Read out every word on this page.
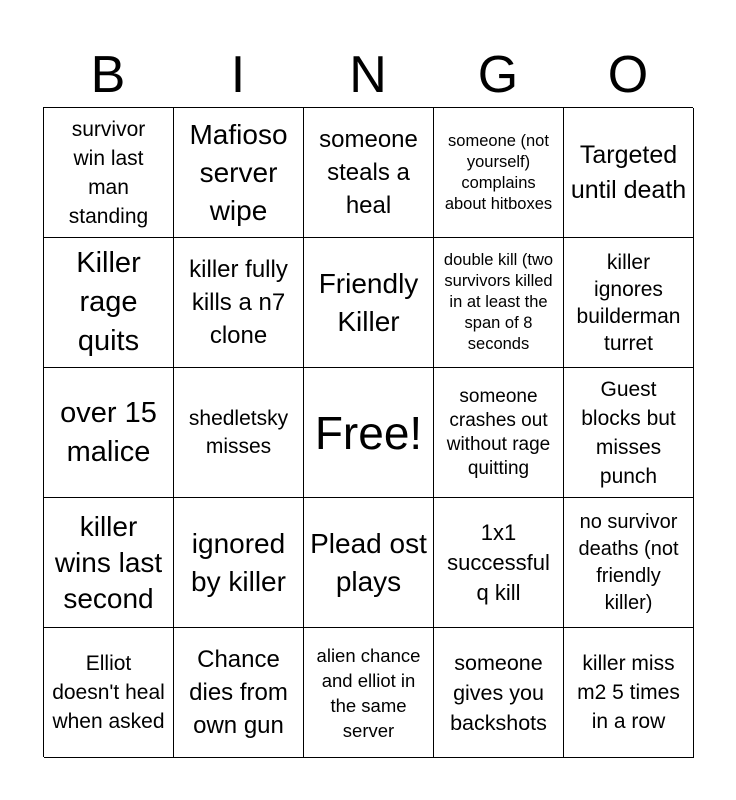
B	I	N	G	O
survivor win last man standing
Mafioso server wipe
someone steals a heal
someone (not yourself) complains about hitboxes
Targeted until death
Killer rage quits
killer fully kills a n7 clone
Friendly Killer
double kill (two survivors killed in at least the span of 8 seconds
killer ignores builderman turret
over 15 malice
shedletsky misses Free!
someone crashes out without rage quitting
Guest blocks but misses punch
killer wins last second
ignored by killer
Plead ost plays
1x1 successful q kill
no survivor deaths (not friendly killer)
Elliot doesn't heal when asked
Chance dies from own gun
alien chance and elliot in the same server
someone gives you backshots
killer miss m2 5 times in a row
